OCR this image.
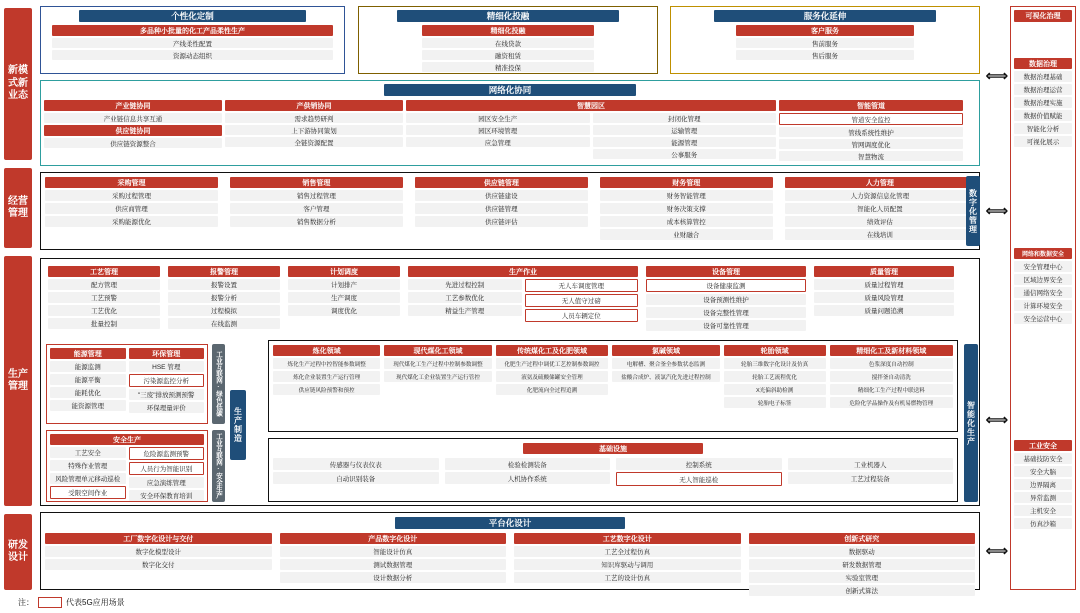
新模式新业态
经营管理
生产管理
研发设计
个性化定制
多品种小批量的化工产品柔性生产
产线柔性配置
资源动态组织
精细化投融
精细化投融
在线贷款
融资租赁
精准投保
服务化延伸
客户服务
售前服务
售后服务
网络化协同
产业链协同
产业链信息共享互通
供应链协同
供应链资源整合
产供销协同
需求趋势研判
上下游协同策划
全链资源配置
智慧园区
园区安全生产
园区环境管理
应急管理
封闭化管理
运输管理
能源管理
公事服务
智能管道
管道安全监控
管线系统性维护
管网调度优化
智慧物流
采购管理
采购过程管理
供应商管理
采购能源优化
销售管理
销售过程管理
客户管理
销售数据分析
供应链管理
供应链建设
供应链管理
供应链评估
财务管理
财务智能管理
财务决策支撑
成本核算管控
业财融合
人力管理
人力资源信息化管理
智能化人员配置
绩效评估
在线培训
数字化管理
工艺管理
配方管理
工艺预警
工艺优化
批量控制
报警管理
报警设置
报警分析
过程模拟
在线监测
计划调度
计划排产
生产调度
调度优化
生产作业
先进过程控制
工艺参数优化
精益生产管理
无人车调度管理
无人值守过磅
人员车辆定位
设备管理
设备健康监测
设备预测性维护
设备完整性管理
设备可靠性管理
质量管理
质量过程管理
质量风险管理
质量问题追溯
能源管理
能源监测
能源平衡
能耗优化
能资源管理
环保管理
HSE 管理
污染源监控分析
"三废"排放预测预警
环保理量评价
安全生产
工艺安全
特殊作业管理
风险管理单元移动巡检
受限空间作业
危险源监测预警
人员行为智能识别
应急演练管理
安全环保教育培训
工业互联网·绿色低碳
工业互联网·安全生产
生产制造
炼化领域
炼化生产过程中控智能参数调整
炼化企业装置生产运行管理
供应链风险预警和预控
现代煤化工领域
现代煤化工生产过程中控制参数调整
现代煤化工企业装置生产运行管控
传统煤化工及化肥领域
化肥生产过程中调优工艺控制参数调控
液氨及硫酸储罐安全管理
化肥流向全过程追溯
氯碱领域
电解槽、聚合釜全参数状态监测
盐酸合成炉、液氯汽化先进过程控制
轮胎领域
轮胎三维数字化设计及仿真
轮胎工艺流程优化
X光偏斜助检测
轮胎电子标签
精细化工及新材料领域
色浆深度自动控制
搅拌釜自动清洗
精细化工生产过程中联送料
危险化学品操作及有机易燃物管理
基础设施
传感器与仪表仪表
自动识别装备
检验检测装备
人机协作系统
控制系统
无人智能巡检
工业机器人
工艺过程装备
智能化生产
平台化设计
工厂数字化设计与交付
数字化模型设计
数字化交付
产品数字化设计
智能设计仿真
测试数据管理
设计数据分析
工艺数字化设计
工艺全过程仿真
知识库驱动与调用
工艺的设计仿真
创新式研究
数据驱动
研发数据管理
实验室管理
创新式算法
⟺
⟺
⟺
⟺
可视化治理
数据治理
数据治理基础
数据治理运营
数据治理实施
数据价值赋能
智能化分析
可视化展示
网络和数据安全
安全管理中心
区域边界安全
通信网络安全
计算环境安全
安全运营中心
工业安全
基础技防安全
安全大脑
边界隔离
异常监测
主机安全
仿真沙箱
注：	代表5G应用场景
